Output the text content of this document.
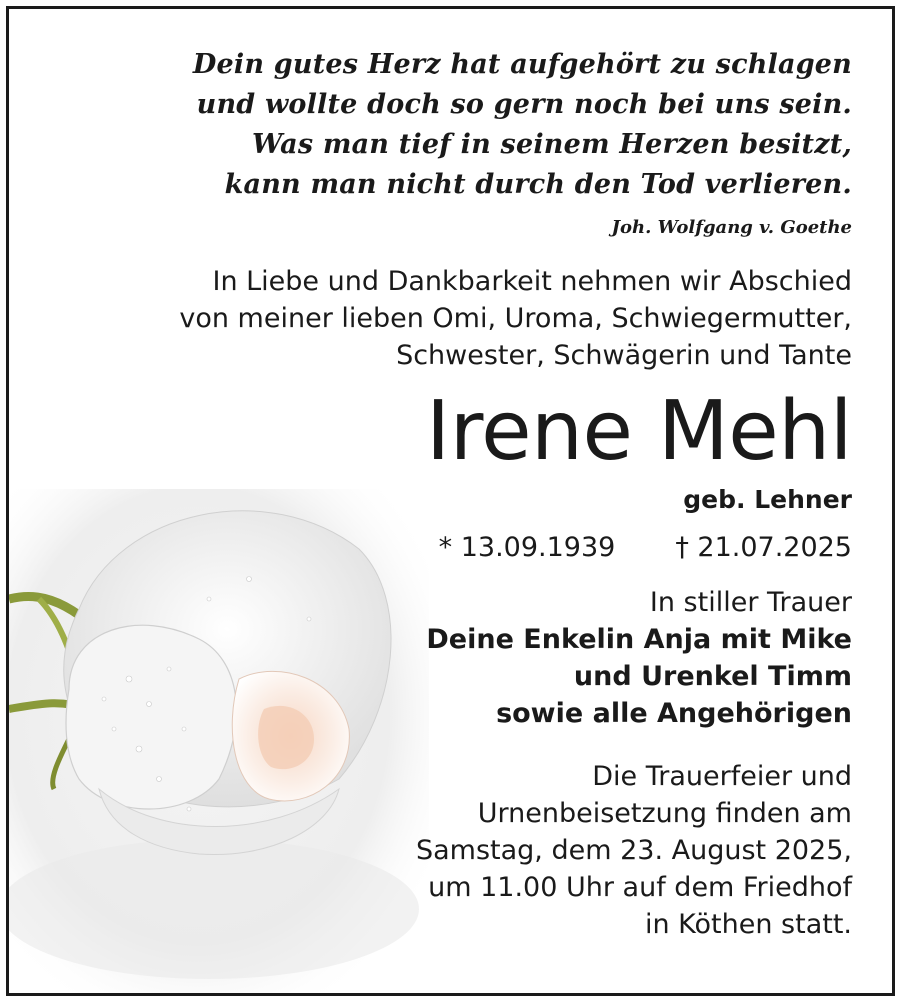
Dein gutes Herz hat aufgehört zu schlagen
und wollte doch so gern noch bei uns sein.
Was man tief in seinem Herzen besitzt,
kann man nicht durch den Tod verlieren.
Joh. Wolfgang v. Goethe
In Liebe und Dankbarkeit nehmen wir Abschied
von meiner lieben Omi, Uroma, Schwiegermutter,
Schwester, Schwägerin und Tante
Irene Mehl
geb. Lehner
* 13.09.1939 † 21.07.2025
In stiller Trauer
Deine Enkelin Anja mit Mike
und Urenkel Timm
sowie alle Angehörigen
Die Trauerfeier und
Urnenbeisetzung finden am
Samstag, dem 23. August 2025,
um 11.00 Uhr auf dem Friedhof
in Köthen statt.
